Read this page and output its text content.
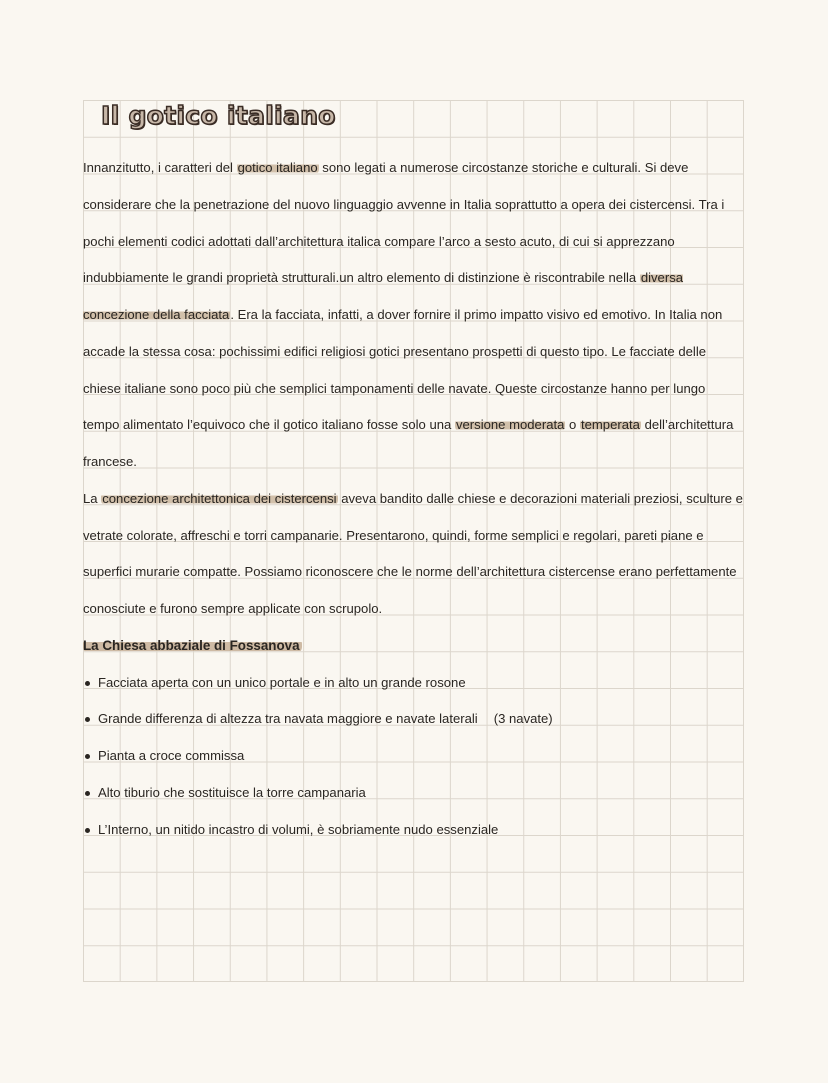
Il gotico italiano

Innanzitutto, i caratteri del gotico italiano sono legati a numerose circostanze storiche e culturali. Si deve considerare che la penetrazione del nuovo linguaggio avvenne in Italia soprattutto a opera dei cistercensi. Tra i pochi elementi codici adottati dall’architettura italica compare l’arco a sesto acuto, di cui si apprezzano indubbiamente le grandi proprietà strutturali.un altro elemento di distinzione è riscontrabile nella diversa concezione della facciata. Era la facciata, infatti, a dover fornire il primo impatto visivo ed emotivo. In Italia non accade la stessa cosa: pochissimi edifici religiosi gotici presentano prospetti di questo tipo. Le facciate delle chiese italiane sono poco più che semplici tamponamenti delle navate. Queste circostanze hanno per lungo tempo alimentato l’equivoco che il gotico italiano fosse solo una versione moderata o temperata dell’architettura francese.

La concezione architettonica dei cistercensi aveva bandito dalle chiese e decorazioni materiali preziosi, sculture e vetrate colorate, affreschi e torri campanarie. Presentarono, quindi, forme semplici e regolari, pareti piane e superfici murarie compatte. Possiamo riconoscere che le norme dell’architettura cistercense erano perfettamente conosciute e furono sempre applicate con scrupolo.

La Chiesa abbaziale di Fossanova
Facciata aperta con un unico portale e in alto un grande rosone
Grande differenza di altezza tra navata maggiore e navate laterali (3 navate)
Pianta a croce commissa
Alto tiburio che sostituisce la torre campanaria
L’Interno, un nitido incastro di volumi, è sobriamente nudo essenziale
